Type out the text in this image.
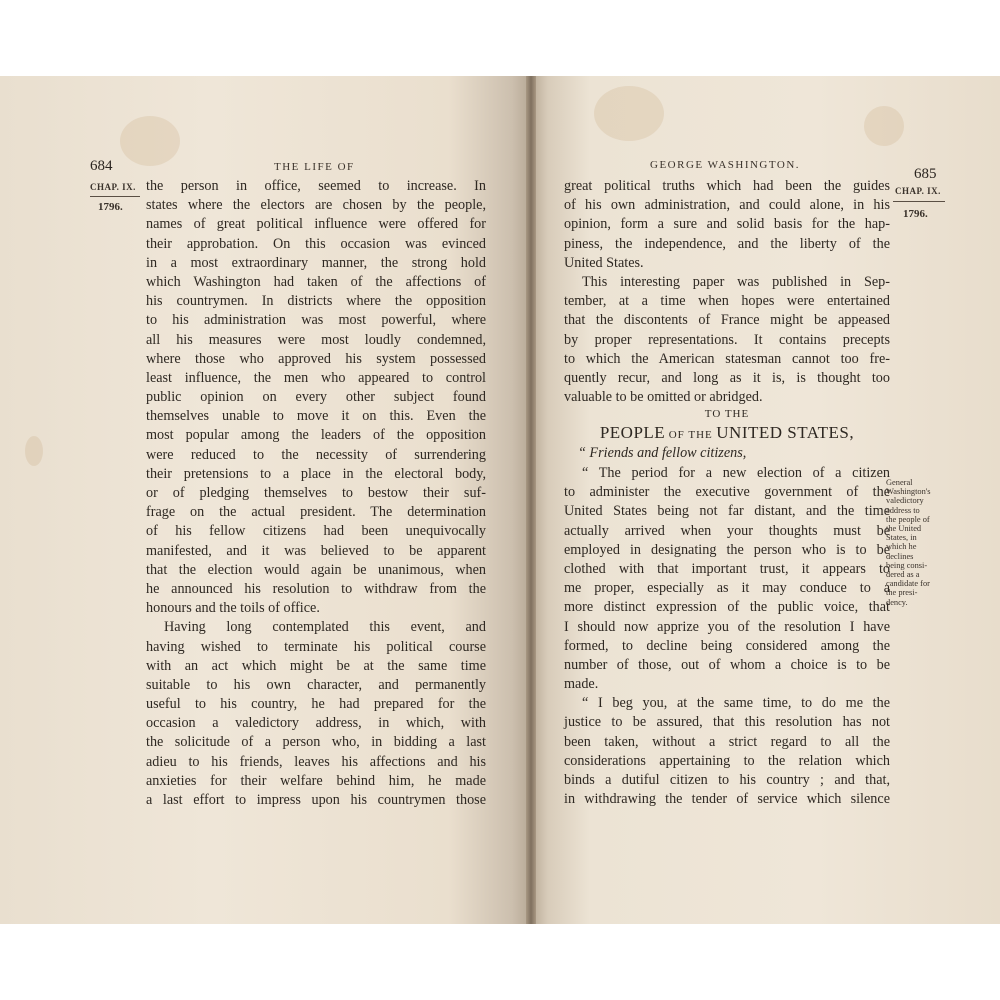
684	THE LIFE OF
CHAP. IX.
1796.
the person in office, seemed to increase. In
states where the electors are chosen by the people,
names of great political influence were offered for
their approbation. On this occasion was evinced
in a most extraordinary manner, the strong hold
which Washington had taken of the affections of
his countrymen. In districts where the opposition
to his administration was most powerful, where
all his measures were most loudly condemned,
where those who approved his system possessed
least influence, the men who appeared to control
public opinion on every other subject found
themselves unable to move it on this. Even the
most popular among the leaders of the opposition
were reduced to the necessity of surrendering
their pretensions to a place in the electoral body,
or of pledging themselves to bestow their suf-
frage on the actual president. The determination
of his fellow citizens had been unequivocally
manifested, and it was believed to be apparent
that the election would again be unanimous, when
he announced his resolution to withdraw from the
honours and the toils of office.
Having long contemplated this event, and
having wished to terminate his political course
with an act which might be at the same time
suitable to his own character, and permanently
useful to his country, he had prepared for the
occasion a valedictory address, in which, with
the solicitude of a person who, in bidding a last
adieu to his friends, leaves his affections and his
anxieties for their welfare behind him, he made
a last effort to impress upon his countrymen those
GEORGE WASHINGTON.
685
CHAP. IX.
1796.
great political truths which had been the guides
of his own administration, and could alone, in his
opinion, form a sure and solid basis for the hap-
piness, the independence, and the liberty of the
United States.
This interesting paper was published in Sep-
tember, at a time when hopes were entertained
that the discontents of France might be appeased
by proper representations. It contains precepts
to which the American statesman cannot too fre-
quently recur, and long as it is, is thought too
valuable to be omitted or abridged.
TO THE
PEOPLE OF THE UNITED STATES,
“ Friends and fellow citizens,
“ The period for a new election of a citizen
to administer the executive government of the
United States being not far distant, and the time
actually arrived when your thoughts must be
employed in designating the person who is to be
clothed with that important trust, it appears to
me proper, especially as it may conduce to a
more distinct expression of the public voice, that
I should now apprize you of the resolution I have
formed, to decline being considered among the
number of those, out of whom a choice is to be
made.
“ I beg you, at the same time, to do me the
justice to be assured, that this resolution has not
been taken, without a strict regard to all the
considerations appertaining to the relation which
binds a dutiful citizen to his country ; and that,
in withdrawing the tender of service which silence
General
Washington's
valedictory
address to
the people of
the United
States, in
which he
declines
being consi-
dered as a
candidate for
the presi-
dency.
